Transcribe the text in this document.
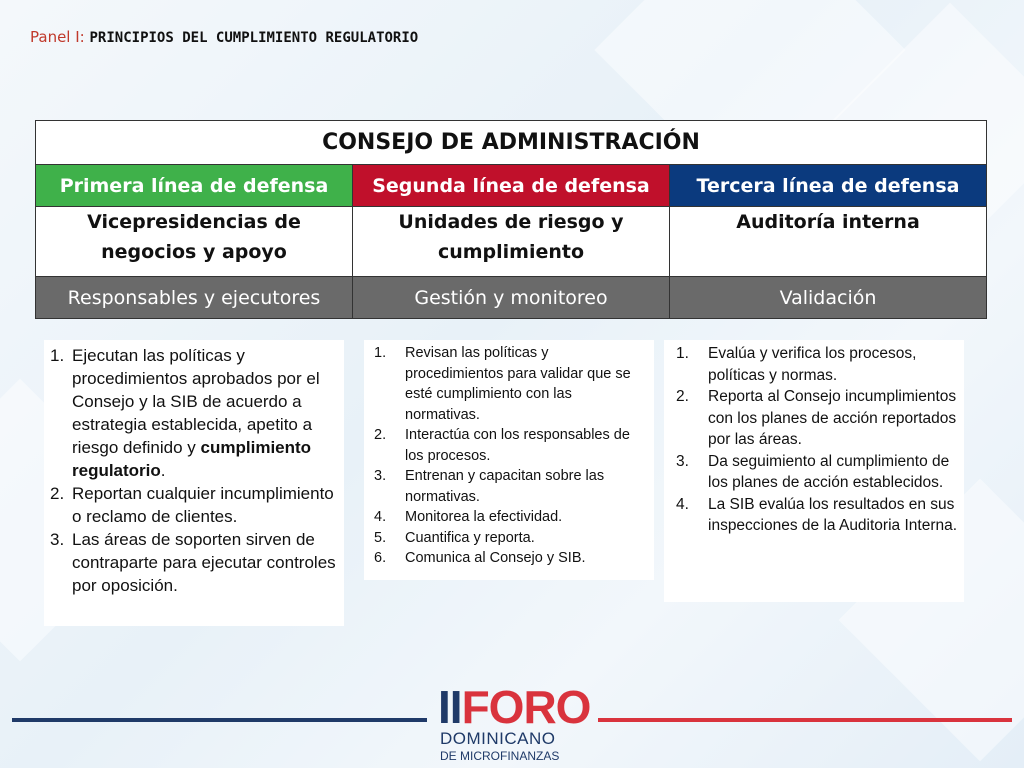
Panel I: PRINCIPIOS DEL CUMPLIMIENTO REGULATORIO
CONSEJO DE ADMINISTRACIÓN		
Primera línea de defensa	Segunda línea de defensa	Tercera línea de defensa
Vicepresidencias de negocios y apoyo	Unidades de riesgo y cumplimiento	Auditoría interna
Responsables y ejecutores	Gestión y monitoreo	Validación
1. Ejecutan las políticas y procedimientos aprobados por el Consejo y la SIB de acuerdo a estrategia establecida, apetito a riesgo definido y cumplimiento regulatorio.
2. Reportan cualquier incumplimiento o reclamo de clientes.
3. Las áreas de soporten sirven de contraparte para ejecutar controles por oposición.
1. Revisan las políticas y procedimientos para validar que se esté cumplimiento con las normativas.
2. Interactúa con los responsables de los procesos.
3. Entrenan y capacitan sobre las normativas.
4. Monitorea la efectividad.
5. Cuantifica y reporta.
6. Comunica al Consejo y SIB.
1. Evalúa y verifica los procesos, políticas y normas.
2. Reporta al Consejo incumplimientos con los planes de acción reportados por las áreas.
3. Da seguimiento al cumplimiento de los planes de acción establecidos.
4. La SIB evalúa los resultados en sus inspecciones de la Auditoria Interna.
IIFORO
DOMINICANO
DE MICROFINANZAS
